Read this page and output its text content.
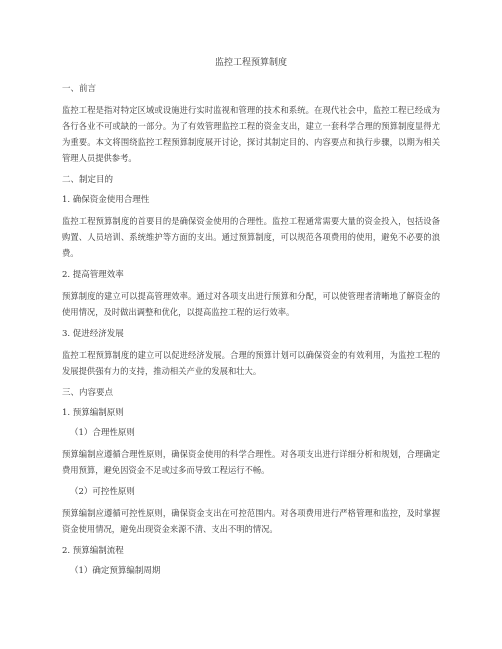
监控工程预算制度
一、前言
监控工程是指对特定区域或设施进行实时监视和管理的技术和系统。在现代社会中，监控工程已经成为各行各业不可或缺的一部分。为了有效管理监控工程的资金支出，建立一套科学合理的预算制度显得尤为重要。本文将围绕监控工程预算制度展开讨论，探讨其制定目的、内容要点和执行步骤，以期为相关管理人员提供参考。
二、制定目的
1. 确保资金使用合理性
监控工程预算制度的首要目的是确保资金使用的合理性。监控工程通常需要大量的资金投入，包括设备购置、人员培训、系统维护等方面的支出。通过预算制度，可以规范各项费用的使用，避免不必要的浪费。
2. 提高管理效率
预算制度的建立可以提高管理效率。通过对各项支出进行预算和分配，可以使管理者清晰地了解资金的使用情况，及时做出调整和优化，以提高监控工程的运行效率。
3. 促进经济发展
监控工程预算制度的建立可以促进经济发展。合理的预算计划可以确保资金的有效利用，为监控工程的发展提供强有力的支持，推动相关产业的发展和壮大。
三、内容要点
1. 预算编制原则
（1）合理性原则
预算编制应遵循合理性原则，确保资金使用的科学合理性。对各项支出进行详细分析和规划，合理确定费用预算，避免因资金不足或过多而导致工程运行不畅。
（2）可控性原则
预算编制应遵循可控性原则，确保资金支出在可控范围内。对各项费用进行严格管理和监控，及时掌握资金使用情况，避免出现资金来源不清、支出不明的情况。
2. 预算编制流程
（1）确定预算编制周期
